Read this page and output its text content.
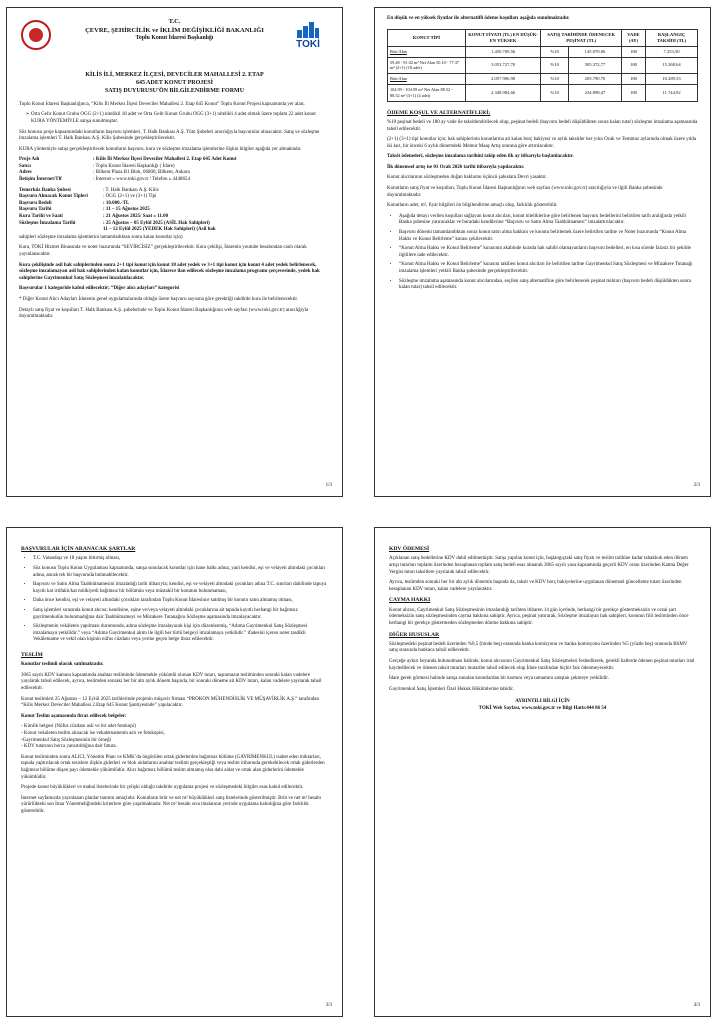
T.C.
ÇEVRE, ŞEHİRCİLİK ve İKLİM DEĞİŞİKLİĞİ BAKANLIĞI
Toplu Konut İdaresi Başkanlığı
TOKİ
KİLİS İLİ, MERKEZ İLÇESİ, DEVECİLER MAHALLESİ 2. ETAP
645 ADET KONUT PROJESİ
SATIŞ DUYURUSU’ÖN BİLGİLENDİRME FORMU

Toplu Konut İdaresi Başkanlığınca, “Kilis İli Merkez İlçesi Deveciler Mahallesi 2. Etap 645 Konut” Toplu Konut Projesi kapsamında yer alan;

➢ Orta Gelir Konut Grubu OGG (2+1) nitelikli 18 adet ve Orta Gelir Konut Grubu OGG (3+1) nitelikli 4 adet olmak üzere toplam 22 adet konut KURA YÖNTEMİYLE satışa sunulmuştur.

Söz konusu proje kapsamındaki konutların başvuru işlemleri, T. Halk Bankası A.Ş. Tüm Şubeleri aracılığıyla başvurular alınacaktır. Satış ve sözleşme imzalama işlemleri T. Halk Bankası A.Ş. Kilis Şubesinde gerçekleştirilecektir.

KURA yöntemiyle satışı gerçekleştirilecek konutların başvuru, kura ve sözleşme imzalama işlemlerine ilişkin bilgiler aşağıda yer almaktadır.

Proje Adı	: Kilis İli Merkez İlçesi Deveciler Mahallesi 2. Etap 645 Adet Konut
Satıcı	: Toplu Konut İdaresi Başkanlığı ( İdare)
Adres	: Bilkent Plaza B1 Blok, 06800, Bilkent, Ankara
İletişim İnternet/Tlf	: İnternet » www.toki.gov.tr / Telefon » 4448654
Temerküz Banka Şubesi	: T. Halk Bankası A.Ş. Kilis
Başvuru Alınacak Konut Tipleri	: OGG (2+1) ve (3+1) Tipi
Başvuru Bedeli	: 10.000.-TL
Başvuru Tarihi	: 11 – 15 Ağustos 2025
Kura Tarihi ve Saati	: 21 Ağustos 2025/ Saat » 11.00
Sözleşme İmzalama Tarihi	: 25 Ağustos – 05 Eylül 2025 (ASİL Hak Sahipleri)
11 – 12 Eylül 2025 (YEDEK Hak Sahipleri) (Asil hak

sahipleri sözleşme imzalama işlemlerini tamamladıktan sonra kalan konutlar için)

Kura, TOKİ Hizmet Binasında ve noter huzurunda “SEYİRCİSİZ” gerçekleştirilecektir. Kura çekilişi, İdarenin youtube hesabından canlı olarak yayınlanacaktır.

Kura çekilişinde asil hak sahiplerinden sonra 2+1 tipi konut için konut 18 adet yedek ve 3+1 tipi konut için konut 4 adet yedek belirlenecek, sözleşme imzalamayan asil hak sahiplerinden kalan konutlar için, İdarece ilan edilecek sözleşme imzalama programı çerçevesinde, yedek hak sahiplerine Gayrimenkul Satış Sözleşmesi imzalatılacaktır.

Başvurular 1 kategoride kabul edilecektir; “Diğer alıcı adayları” kategorisi

* Diğer Konut Alıcı Adayları İdarenin genel uygulamalarında olduğu üzere başvuru sayısına göre gerektiği takdirde kura ile belirlenecektir.

Detaylı satış fiyat ve koşulları T. Halk Bankası A.Ş. şubelerinde ve Toplu Konut İdaresi Başkanlığının web sayfası (www.toki.gov.tr) aracılığıyla duyurulmaktadır.

1/3

En düşük ve en yüksek fiyatlar ile alternatifli ödeme koşulları aşağıda sunulmaktadır.

KONUT TİPİ	KONUT FİYATI (TL) EN DÜŞÜK-EN YÜKSEK	SATIŞ TARİHİNDE ÖDENECEK PEŞİNAT (TL)		VADE (AY)	BAŞLANGIÇ TAKSİDİ (TL)
Brüt Alan	1.450.700,56	%10	145.070,06	180	7.253,50
59.48 - 91.02 m² Net Alan 50.10 - 77.37 m² (2+1) (18 adet)	3.053.727,70	%10	305.372,77	180	15.268,64
Brüt Alan	2.057.906,98	%10	205.790,70	180	10.289,53
104.99 - 104.99 m² Net Alan 88.52 - 88.52 m² (3+1) (4 adet)	2.348.984,66	%10	234.898,47	180	11.744,92
ÖDEME KOŞUL VE ALTERNATİFLERİ;

%10 peşinat bedeli ve 180 ay vade ile taksitlendirilecek olup, peşinat bedeli (başvuru bedeli düşüldükten sonra kalan tutar) sözleşme imzalama aşamasında tahsil edilecektir.

(2+1) (3+1) tipi konutlar için; hak sahiplerinin konutlarına ait kalan borç bakiyesi ve aylık taksitler her yılın Ocak ve Temmuz aylarında olmak üzere yılda iki kez, bir önceki 6 aylık dönemdeki Memur Maaş Artış oranına göre artırılacaktır.

Taksit ödemeleri, sözleşme imzalama tarihini takip eden ilk ay itibarıyla başlatılacaktır.

İlk dönemsel artış ise 01 Ocak 2026 tarihi itibarıyla yapılacaktır.

Konut alıcılarının sözleşmeden doğan haklarını üçüncü şahıslara Devri yasaktır.

Konutların satış fiyat ve koşulları, Toplu Konut İdaresi Başkanlığının web sayfası (www.toki.gov.tr) aracılığıyla ve ilgili Banka şubesinde duyurulmaktadır.

Konutların adet, m², fiyat bilgileri ön bilgilendirme amaçlı olup, farklılık gösterebilir.

• Aşağıda detayı verilen koşulları sağlayan konut alıcıları, konut niteliklerine göre belirlenen başvuru bedellerini belirtilen tarih aralığında yetkili Banka şubesine yatıracaklar ve buradaki kendilerine “Başvuru ve Satın Alma Taahhütnamesi” imzalattırılacaktır.
• Başvuru dönemi tamamlandıktan sonra konut satın alma hakkını ve konutu belirlemek üzere belirtilen tarihte ve Noter huzurunda “Konut Alma Hakkı ve Konut Belirleme” kurası çekilecektir.
• “Konut Alma Hakkı ve Konut Belirleme” kurasının akabinde kurada hak sahibi olamayanların başvuru bedelleri, en kısa sürede faizsiz bir şekilde ilgililere iade edilecektir.
• “Konut Alma Hakkı ve Konut Belirleme” kurasını takiben konut alıcıları ile belirtilen tarihte Gayrimenkul Satış Sözleşmesi ve Müzakere Tutanağı imzalama işlemleri yetkili Banka şubesinde gerçekleştirilecektir.
• Sözleşme imzalama aşamasında konut alıcılarından, seçilen satış alternatifine göre belirlenecek peşinat miktarı (başvuru bedeli düşüldükten sonra kalan tutar) tahsil edilecektir.
2/3
BAŞVURULAR İÇİN ARANACAK ŞARTLAR
• T.C. Vatandaşı ve 18 yaşını bitirmiş olması,
• Söz konusu Toplu Konut Uygulaması kapsamında, satışa sunulacak konutlar için hane halkı adına, yani kendisi, eşi ve velayeti altındaki çocukları adına, ancak tek bir başvuruda bulunabilecektir.
• Başvuru ve Satın Alma Taahhütnamesini imzaladığı tarih itibarıyla; kendisi, eşi ve velayeti altındaki çocukları adına T.C. sınırları dahilinde tapuya kayıtlı kat irtifaklı/kat mülkiyetli bağımsız bir bölümün veya müstakil bir konutun bulunmaması,
• Daha önce kendisi, eşi ve velayeti altındaki çocukları tarafından Toplu Konut İdaresince satılmış bir konutu satın almamış olması,
• Satış işlemleri sırasında konut alıcısı; kendisine, eşine ve/veya velayeti altındaki çocuklarına ait tapuda kayıtlı herhangi bir bağımsız gayrimenkulün bulunmadığına dair Taahhütnameyi ve Müzakere Tutanağını Sözleşme aşamasında imzalayacaktır.
• Sözleşmenin vekâleten yapılması durumunda, adına sözleşme imzalayacak kişi için düzenlenmiş, “Adıma Gayrimenkul Satış Sözleşmesi imzalamaya yetkilidir.” veya “Adıma Gayrimenkul alımı ile ilgili her türlü belgeyi imzalamaya yetkilidir.” ifadesini içeren noter tasdikli Vekâletname ve vekil olan kişinin nüfus cüzdanı veya yerine geçen belge ibraz edilecektir.
TESLİM

Konutlar teslimli olarak satılmaktadır.

3065 sayılı KDV kanunu kapsamında anahtar tesliminde ödenmekle yükümlü olunan KDV tutarı, taşınmazın tesliminden sonraki kalan vadelere yayılarak tahsil edilecek, ayrıca, teslimden sonraki her bir altı aylık dönem başında, bir sonraki döneme ait KDV tutarı, kalan vadelere yayılarak tahsil edilecektir.

Konut teslimleri 25 Ağustos – 12 Eylül 2025 tarihlerinde projenin müşavir firması “PROKON MÜHENDİSLİK VE MÜŞAVİRLİK A.Ş.” tarafından “Kilis Merkez Deveciler Mahallesi 2.Etap 645 Konut Şantiyesinde” yapılacaktır.

Konut Teslim aşamasında ibraz edilecek belgeler:

- Kimlik belgesi (Nüfus cüzdanı aslı ve bir adet fotokopi)
- Konut vekaleten teslim alınacak ise vekaletnamenin aslı ve fotokopisi,
-Gayrimenkul Satış Sözleşmesinin bir örneği
- KDV tutarının borca yansıtıldığına dair fatura.

Konut tesliminden sonra ALICI, Yönetim Planı ve KMK’da öngörülen ortak giderlerden bağımsız bölüme (GAYRİMENKUL) isabet eden miktarları, tapuda yaptırılacak ortak tesislere ilişkin giderleri ve blok aidatlarını anahtar teslimi gerçekleştiği veya teslim itibarında gerekebilecek ortak giderlerden bağımsız bölüme düşen payı ödemekle yükümlüdür. Alıcı bağımsız bölümü teslim almamış olsa dahi aidat ve ortak alan giderlerini ödemekle yükümlüdür.

Projede konut büyüklükleri ve mahal listelerinde bir çelişki olduğu takdirde uygulama projesi ve sözleşmedeki bilgiler esas kabul edilecektir.

İnternet sayfamızda yayınlanan planlar tanıtım amaçlıdır. Konutların brüt ve net m² büyüklükleri satış listelerinde gösterilmiştir. Brüt ve net m² hesabı yürürlükteki son İmar Yönetmeliğindeki kriterlere göre yapılmaktadır. Net m² hesabı sıva imalatının yerinde uygulama kalınlığına göre farklılık gösterebilir.

3/3
KDV ÖDEMESİ

Açıklanan satış bedellerine KDV dahil edilmemiştir. Satışı yapılan konut için, başlangıçtaki satış fiyatı ve teslim tarihine kadar tahakkuk eden dönem artışı tutarları toplamı üzerinden hesaplanan toplam satış bedeli esas alınarak 3065 sayılı yasa kapsamında geçerli KDV oranı üzerinden Katma Değer Vergisi tutarı taksitlere yayılarak tahsil edilecektir.

Ayrıca, teslimden sonraki her bir altı aylık dönemin başında da, taksit ve KDV borç bakiyelerine uygulanan dönemsel güncelleme tutarı üzerinden hesaplanan KDV tutarı, kalan vadelere yayılacaktır.

CAYMA HAKKI

Konut alıcısı, Gayrimenkul Satış Sözleşmesinin imzalandığı tarihten itibaren 14 gün içerinde, herhangi bir gerekçe göstermeksizin ve cezai şart ödemeksizin satış sözleşmesinden cayma hakkına sahiptir. Ayrıca, peşinat yatırarak, Sözleşme imzalayan hak sahipleri, konutun fiili tesliminden önce herhangi bir gerekçe göstermeden sözleşmeden dönme hakkına sahiptir.

DİĞER HUSUSLAR

Sözleşmedeki peşinat bedeli üzerinden %0,5 (binde beş) oranında banka komisyonu ve banka komisyonu üzerinden %5 (yüzde beş) oranında BSMV satış sırasında bankaca tahsil edilecektir.

Gerçeğe aykırı beyanda bulunulması halinde, konut alıcısının Gayrimenkul Satış Sözleşmeleri feshedilerek, gerekli hallerde ödenen peşinat tutarları irad kaydedilecek ve ödenen taksit tutarları mutaribe tahsil edilecek olup İdare tarafından hiçbir faiz ödenmeyecektir.

İdare gerek görmesi halinde satışa sunulan konutlardan bir kısmını veya tamamını satıştan çekmeye yetkilidir.

Gayrimenkul Satış İşlemleri Özel Hukuk Hükümlerine tabidir.

AYRINTILI BİLGİ İÇİN
TOKİ Web Sayfası, www.toki.gov.tr ve Bilgi Hattı:444 86 54
4/3
